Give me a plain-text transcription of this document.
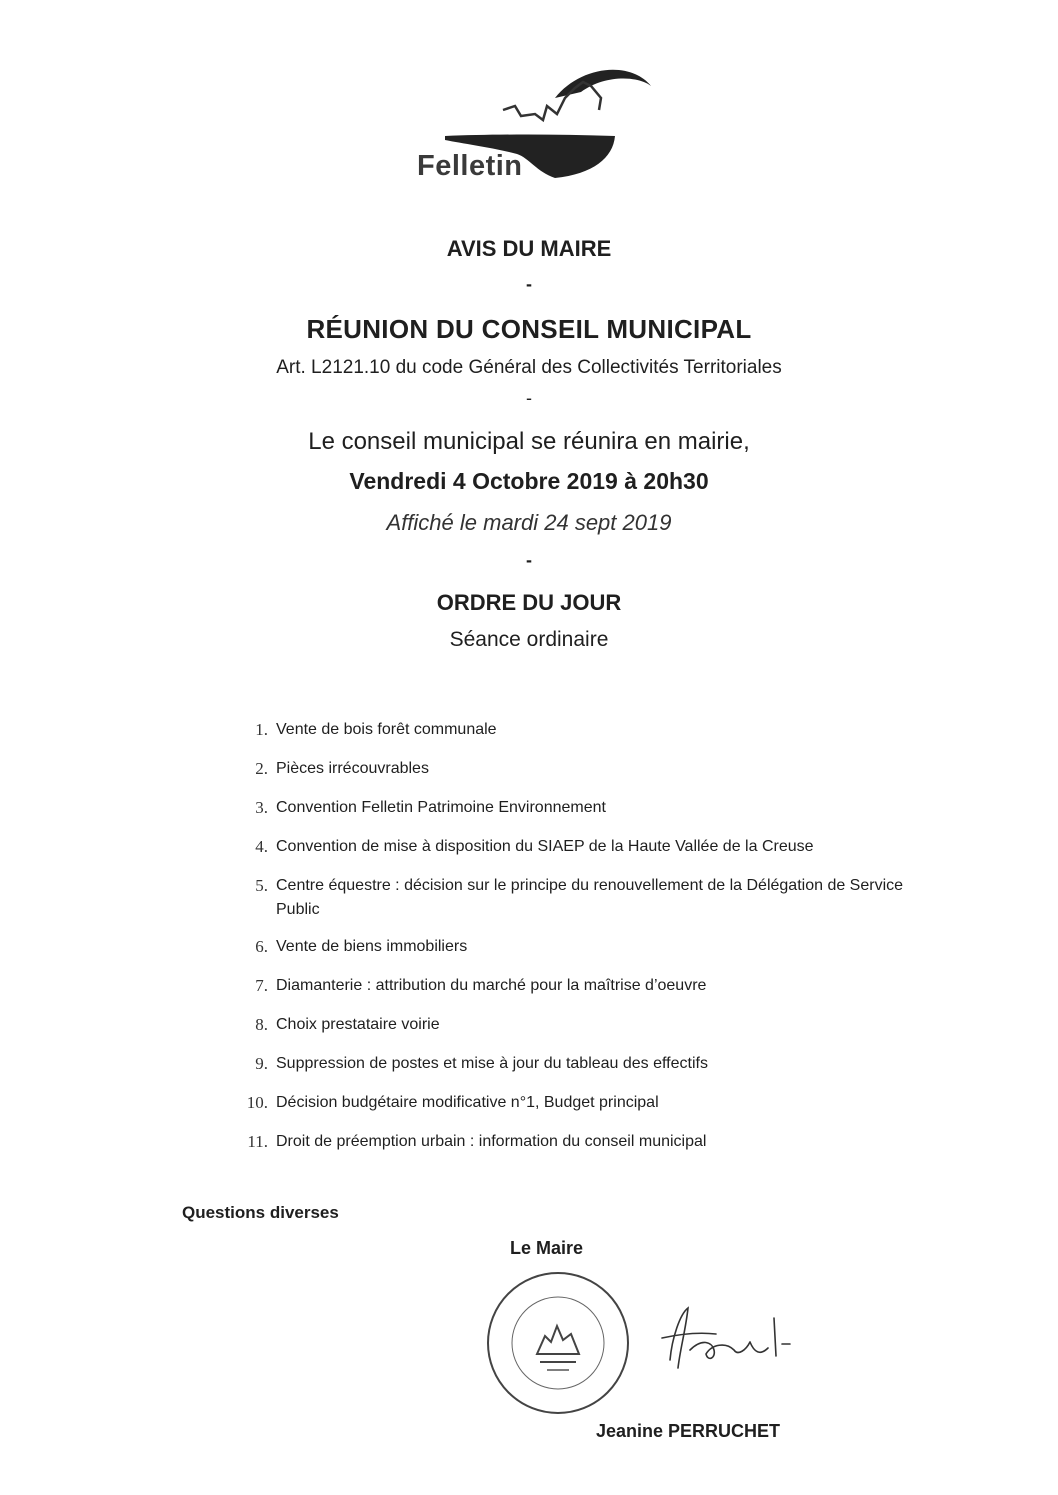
Felletin
AVIS DU MAIRE
-
RÉUNION DU CONSEIL MUNICIPAL
Art. L2121.10 du code Général des Collectivités Territoriales
-
Le conseil municipal se réunira en mairie,
Vendredi 4 Octobre 2019 à 20h30
Affiché le mardi 24 sept 2019
-
ORDRE DU JOUR
Séance ordinaire
1. Vente de bois forêt communale
2. Pièces irrécouvrables
3. Convention Felletin Patrimoine Environnement
4. Convention de mise à disposition du SIAEP de la Haute Vallée de la Creuse
5. Centre équestre : décision sur le principe du renouvellement de la Délégation de Service Public
6. Vente de biens immobiliers
7. Diamanterie : attribution du marché pour la maîtrise d’oeuvre
8. Choix prestataire voirie
9. Suppression de postes et mise à jour du tableau des effectifs
10. Décision budgétaire modificative n°1, Budget principal
11. Droit de préemption urbain : information du conseil municipal
Questions diverses
Le Maire
Jeanine PERRUCHET
